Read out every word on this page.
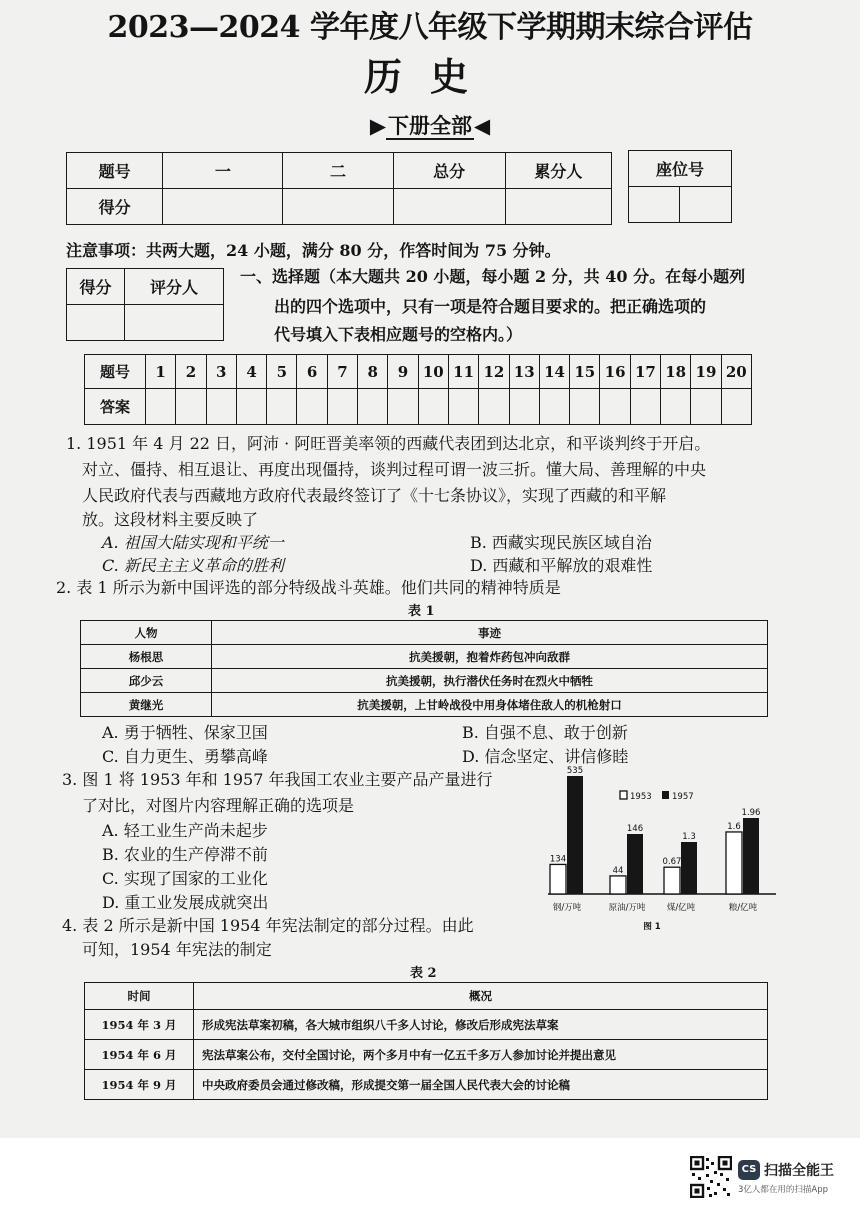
2023—2024 学年度八年级下学期期末综合评估
历史
▶下册全部◀
题号	一	二	总分	累分人
得分				
座位号

注意事项：共两大题，24 小题，满分 80 分，作答时间为 75 分钟。
得分	评分人

一、选择题（本大题共 20 小题，每小题 2 分，共 40 分。在每小题列
出的四个选项中，只有一项是符合题目要求的。把正确选项的
代号填入下表相应题号的空格内。）
题号	1	2	3	4	5	6	7	8	9	10	11	12	13	14	15	16	17	18	19	20
答案																				
1. 1951 年 4 月 22 日，阿沛 · 阿旺晋美率领的西藏代表团到达北京，和平谈判终于开启。
对立、僵持、相互退让、再度出现僵持，谈判过程可谓一波三折。懂大局、善理解的中央
人民政府代表与西藏地方政府代表最终签订了《十七条协议》，实现了西藏的和平解
放。这段材料主要反映了
A. 祖国大陆实现和平统一	B. 西藏实现民族区域自治
C. 新民主主义革命的胜利	D. 西藏和平解放的艰难性
2. 表 1 所示为新中国评选的部分特级战斗英雄。他们共同的精神特质是
表 1
人物	事迹
杨根思	抗美援朝，抱着炸药包冲向敌群
邱少云	抗美援朝，执行潜伏任务时在烈火中牺牲
黄继光	抗美援朝，上甘岭战役中用身体堵住敌人的机枪射口
A. 勇于牺牲、保家卫国	B. 自强不息、敢于创新
C. 自力更生、勇攀高峰	D. 信念坚定、讲信修睦
3. 图 1 将 1953 年和 1957 年我国工农业主要产品产量进行
了对比，对图片内容理解正确的选项是
A. 轻工业生产尚未起步
B. 农业的生产停滞不前
C. 实现了国家的工业化
D. 重工业发展成就突出
134
535
钢/万吨
44
146
原油/万吨
0.67
1.3
煤/亿吨
1.6
1.96
粮/亿吨
1953 1957
图 1
4. 表 2 所示是新中国 1954 年宪法制定的部分过程。由此
可知，1954 年宪法的制定
表 2
时间	概况
1954 年 3 月	形成宪法草案初稿，各大城市组织八千多人讨论，修改后形成宪法草案
1954 年 6 月	宪法草案公布，交付全国讨论，两个多月中有一亿五千多万人参加讨论并提出意见
1954 年 9 月	中央政府委员会通过修改稿，形成提交第一届全国人民代表大会的讨论稿
CS 扫描全能王
3亿人都在用的扫描App
